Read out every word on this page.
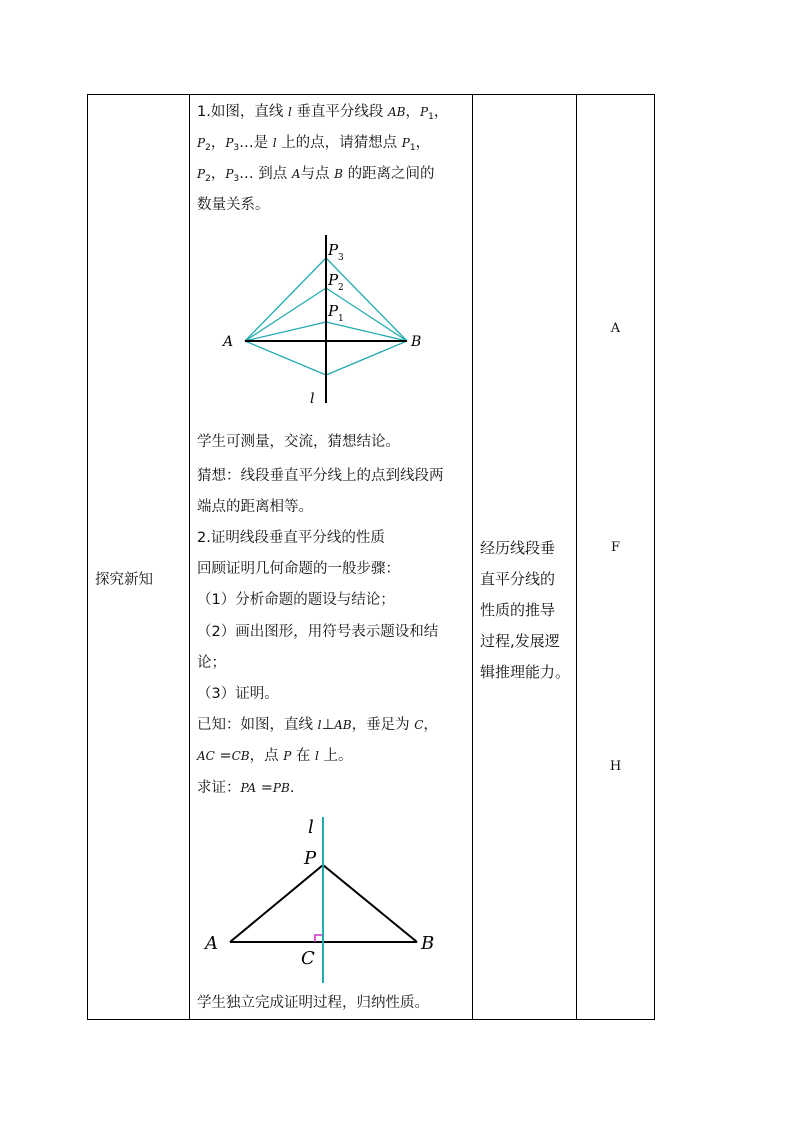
探究新知
1.如图，直线 l 垂直平分线段 AB，$P_1$，
$P_2$，$P_3\dots$是 l 上的点，请猜想点 $P_1$，
$P_2$，$P_3\dots$ 到点 A与点 B 的距离之间的
数量关系。
P 3
P 2
P 1
A	B
l
学生可测量，交流，猜想结论。
猜想：线段垂直平分线上的点到线段两
端点的距离相等。
2.证明线段垂直平分线的性质
回顾证明几何命题的一般步骤：
（1）分析命题的题设与结论；
（2）画出图形，用符号表示题设和结
论；
（3）证明。
已知：如图，直线 l⊥AB，垂足为 C，
AC =CB，点 P 在 l 上。
求证：PA =PB.
l
P
A	B
C
学生独立完成证明过程，归纳性质。
经历线段垂
直平分线的
性质的推导
过程,发展逻
辑推理能力。
A
F
H
